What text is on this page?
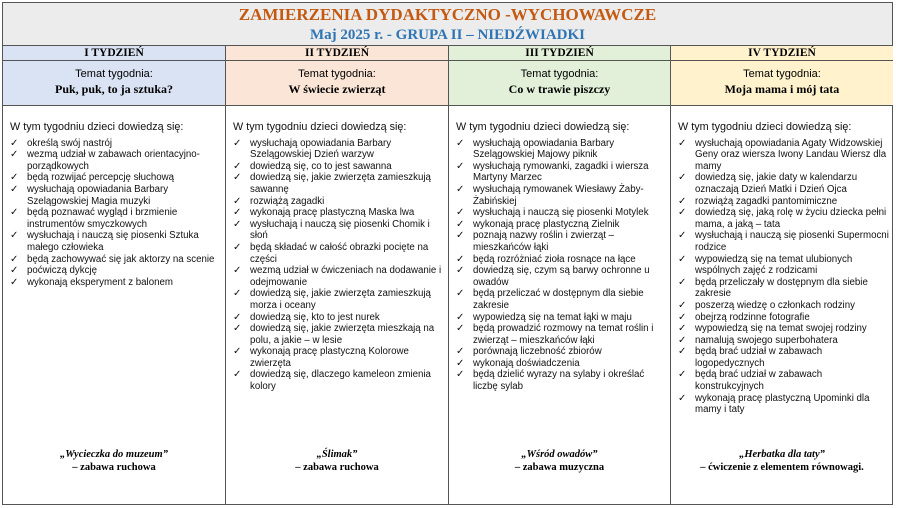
ZAMIERZENIA DYDAKTYCZNO -WYCHOWAWCZE
Maj 2025 r. - GRUPA II – NIEDŹWIADKI
I TYDZIEŃ
Temat tygodnia:
Puk, puk, to ja sztuka?
W tym tygodniu dzieci dowiedzą się:
✓ określą swój nastrój
✓ wezmą udział w zabawach orientacyjno-porządkowych
✓ będą rozwijać percepcję słuchową
✓ wysłuchają opowiadania Barbary Szelągowskiej Magia muzyki
✓ będą poznawać wygląd i brzmienie instrumentów smyczkowych
✓ wysłuchają i nauczą się piosenki Sztuka małego człowieka
✓ będą zachowywać się jak aktorzy na scenie
✓ poćwiczą dykcję
✓ wykonają eksperyment z balonem
„Wycieczka do muzeum”
– zabawa ruchowa
II TYDZIEŃ
Temat tygodnia:
W świecie zwierząt
W tym tygodniu dzieci dowiedzą się:
✓ wysłuchają opowiadania Barbary Szelągowskiej Dzień warzyw
✓ dowiedzą się, co to jest sawanna
✓ dowiedzą się, jakie zwierzęta zamieszkują sawannę
✓ rozwiążą zagadki
✓ wykonają pracę plastyczną Maska lwa
✓ wysłuchają i nauczą się piosenki Chomik i słoń
✓ będą składać w całość obrazki pocięte na części
✓ wezmą udział w ćwiczeniach na dodawanie i odejmowanie
✓ dowiedzą się, jakie zwierzęta zamieszkują morza i oceany
✓ dowiedzą się, kto to jest nurek
✓ dowiedzą się, jakie zwierzęta mieszkają na polu, a jakie – w lesie
✓ wykonają pracę plastyczną Kolorowe zwierzęta
✓ dowiedzą się, dlaczego kameleon zmienia kolory
„Ślimak”
– zabawa ruchowa
III TYDZIEŃ
Temat tygodnia:
Co w trawie piszczy
W tym tygodniu dzieci dowiedzą się:
✓ wysłuchają opowiadania Barbary Szelągowskiej Majowy piknik
✓ wysłuchają rymowanki, zagadki i wiersza Martyny Marzec
✓ wysłuchają rymowanek Wiesławy Żaby-Żabińskiej
✓ wysłuchają i nauczą się piosenki Motylek
✓ wykonają pracę plastyczną Zielnik
✓ poznają nazwy roślin i zwierząt – mieszkańców łąki
✓ będą rozróżniać zioła rosnące na łące
✓ dowiedzą się, czym są barwy ochronne u owadów
✓ będą przeliczać w dostępnym dla siebie zakresie
✓ wypowiedzą się na temat łąki w maju
✓ będą prowadzić rozmowy na temat roślin i zwierząt – mieszkańców łąki
✓ porównają liczebność zbiorów
✓ wykonają doświadczenia
✓ będą dzielić wyrazy na sylaby i określać liczbę sylab
„Wśród owadów”
– zabawa muzyczna
IV TYDZIEŃ
Temat tygodnia:
Moja mama i mój tata
W tym tygodniu dzieci dowiedzą się:
✓ wysłuchają opowiadania Agaty Widzowskiej Geny oraz wiersza Iwony Landau Wiersz dla mamy
✓ dowiedzą się, jakie daty w kalendarzu oznaczają Dzień Matki i Dzień Ojca
✓ rozwiążą zagadki pantomimiczne
✓ dowiedzą się, jaką rolę w życiu dziecka pełni mama, a jaką – tata
✓ wysłuchają i nauczą się piosenki Supermocni rodzice
✓ wypowiedzą się na temat ulubionych wspólnych zajęć z rodzicami
✓ będą przeliczały w dostępnym dla siebie zakresie
✓ poszerzą wiedzę o członkach rodziny
✓ obejrzą rodzinne fotografie
✓ wypowiedzą się na temat swojej rodziny
✓ namalują swojego superbohatera
✓ będą brać udział w zabawach logopedycznych
✓ będą brać udział w zabawach konstrukcyjnych
✓ wykonają pracę plastyczną Upominki dla mamy i taty
„Herbatka dla taty”
– ćwiczenie z elementem równowagi.
